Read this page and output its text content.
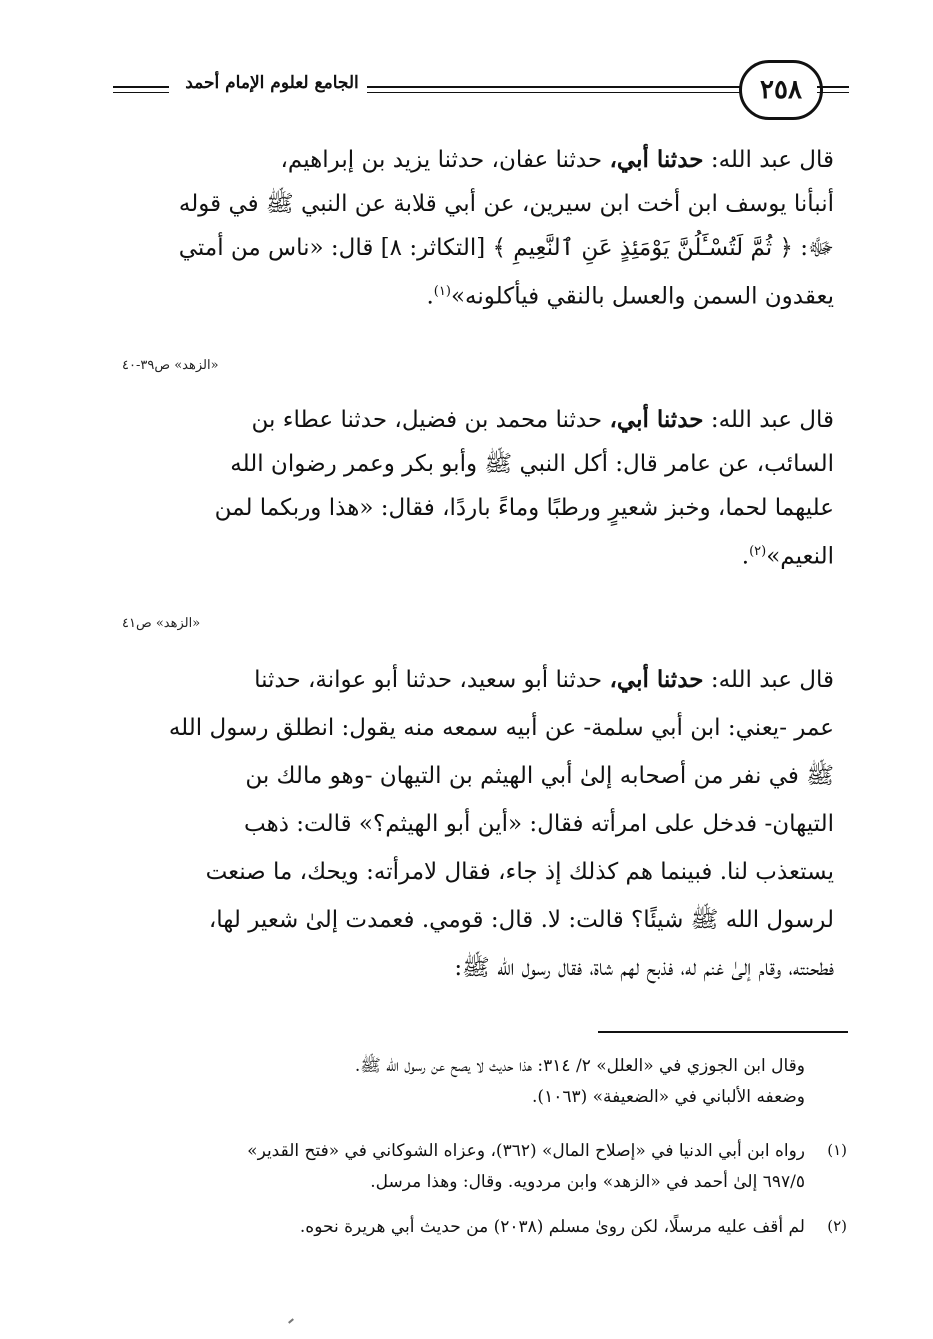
الجامع لعلوم الإمام أحمد	٢٥٨

قال عبد الله: حدثنا أبي، حدثنا عفان، حدثنا يزيد بن إبراهيم،

أنبأنا يوسف ابن أخت ابن سيرين، عن أبي قلابة عن النبي ﷺ في قوله

ﷻ: ﴿ ثُمَّ لَتُسْـَٔلُنَّ يَوْمَئِذٍ عَنِ ٱلنَّعِيمِ ﴾ [التكاثر: ٨] قال: «ناس من أمتي

يعقدون السمن والعسل بالنقي فيأكلونه»$^{(١)}$.

«الزهد» ص٣٩-٤٠

قال عبد الله: حدثنا أبي، حدثنا محمد بن فضيل، حدثنا عطاء بن

السائب، عن عامر قال: أكل النبي ﷺ وأبو بكر وعمر رضوان الله

عليهما لحما، وخبز شعيرٍ ورطبًا وماءً باردًا، فقال: «هذا وربكما لمن

النعيم»$^{(٢)}$.

«الزهد» ص٤١

قال عبد الله: حدثنا أبي، حدثنا أبو سعيد، حدثنا أبو عوانة، حدثنا

عمر -يعني: ابن أبي سلمة- عن أبيه سمعه منه يقول: انطلق رسول الله

ﷺ في نفر من أصحابه إلىٰ أبي الهيثم بن التيهان -وهو مالك بن

التيهان- فدخل على امرأته فقال: «أين أبو الهيثم؟» قالت: ذهب

يستعذب لنا. فبينما هم كذلك إذ جاء، فقال لامرأته: ويحك، ما صنعت

لرسول الله ﷺ شيئًا؟ قالت: لا. قال: قومي. فعمدت إلىٰ شعير لها،

فطحنته، وقام إلىٰ غنم له، فذبح لهم شاة، فقال رسول الله ﷺ:

وقال ابن الجوزي في «العلل» ٢/ ٣١٤: هذا حديث لا يصح عن رسول الله ﷺ.
وضعفه الألباني في «الضعيفة» (١٠٦٣).
(١)
رواه ابن أبي الدنيا في «إصلاح المال» (٣٦٢)، وعزاه الشوكاني في «فتح القدير»
٦٩٧/٥ إلىٰ أحمد في «الزهد» وابن مردويه. وقال: وهذا مرسل.
(٢)
لم أقف عليه مرسلًا، لكن روىٰ مسلم (٢٠٣٨) من حديث أبي هريرة نحوه.
